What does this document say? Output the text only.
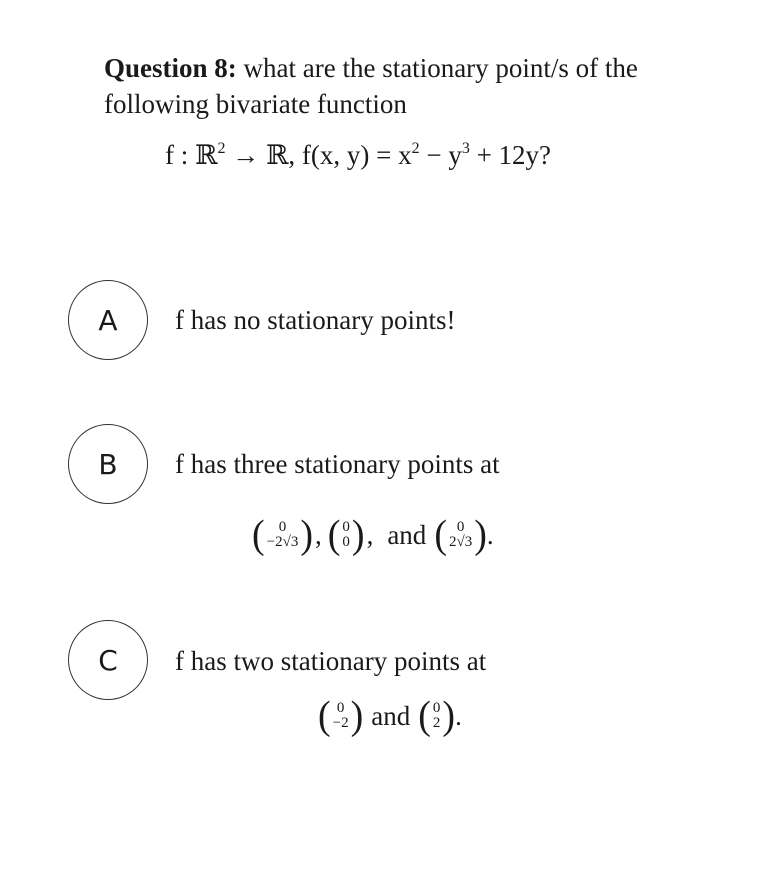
Question 8: what are the stationary point/s of the following bivariate function
f : ℝ$^2$ → ℝ, f(x, $y) = x^2 - y^3 + 12y$?
A f has no stationary points!
B f has three stationary points at
( 0
−2√3 ) , ( 0
0 ) , and ( 0
2√3 ) .
C f has two stationary points at
( 0
−2 ) and ( 0
2 ) .
